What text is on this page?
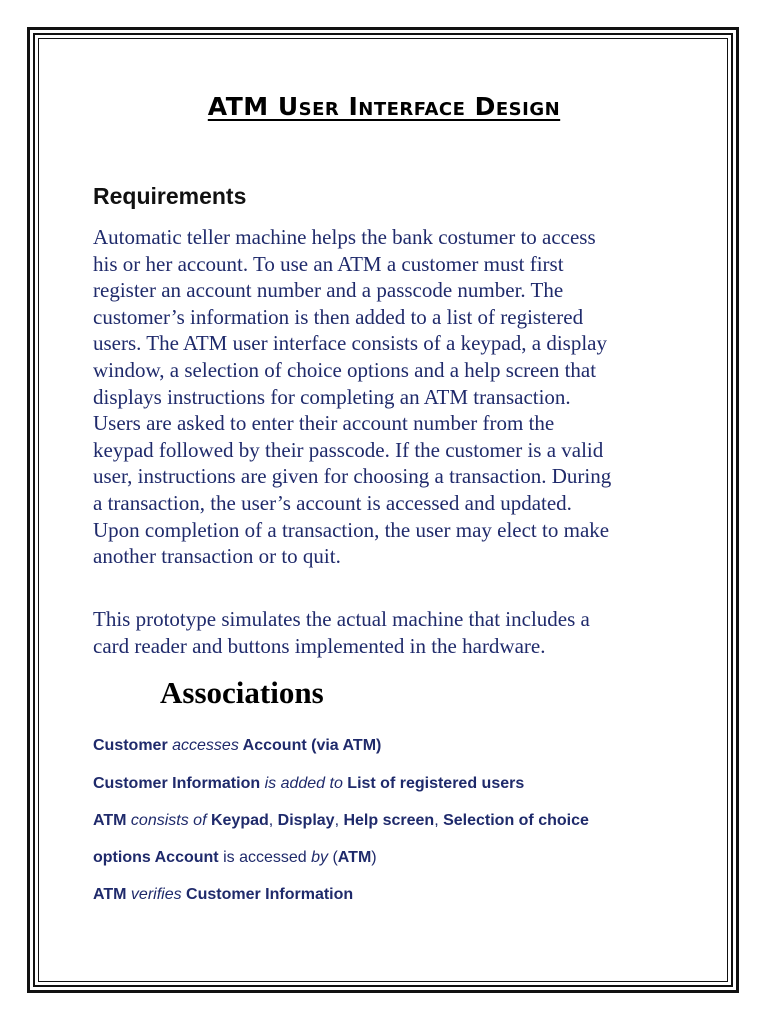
ATM User Interface Design
Requirements
Automatic teller machine helps the bank costumer to access
his or her account. To use an ATM a customer must first
register an account number and a passcode number. The
customer’s information is then added to a list of registered
users. The ATM user interface consists of a keypad, a display
window, a selection of choice options and a help screen that
displays instructions for completing an ATM transaction.
Users are asked to enter their account number from the
keypad followed by their passcode. If the customer is a valid
user, instructions are given for choosing a transaction. During
a transaction, the user’s account is accessed and updated.
Upon completion of a transaction, the user may elect to make
another transaction or to quit.
This prototype simulates the actual machine that includes a
card reader and buttons implemented in the hardware.
Associations
Customer accesses Account (via ATM)
Customer Information is added to List of registered users
ATM consists of Keypad, Display, Help screen, Selection of choice
options Account is accessed by (ATM)
ATM verifies Customer Information
